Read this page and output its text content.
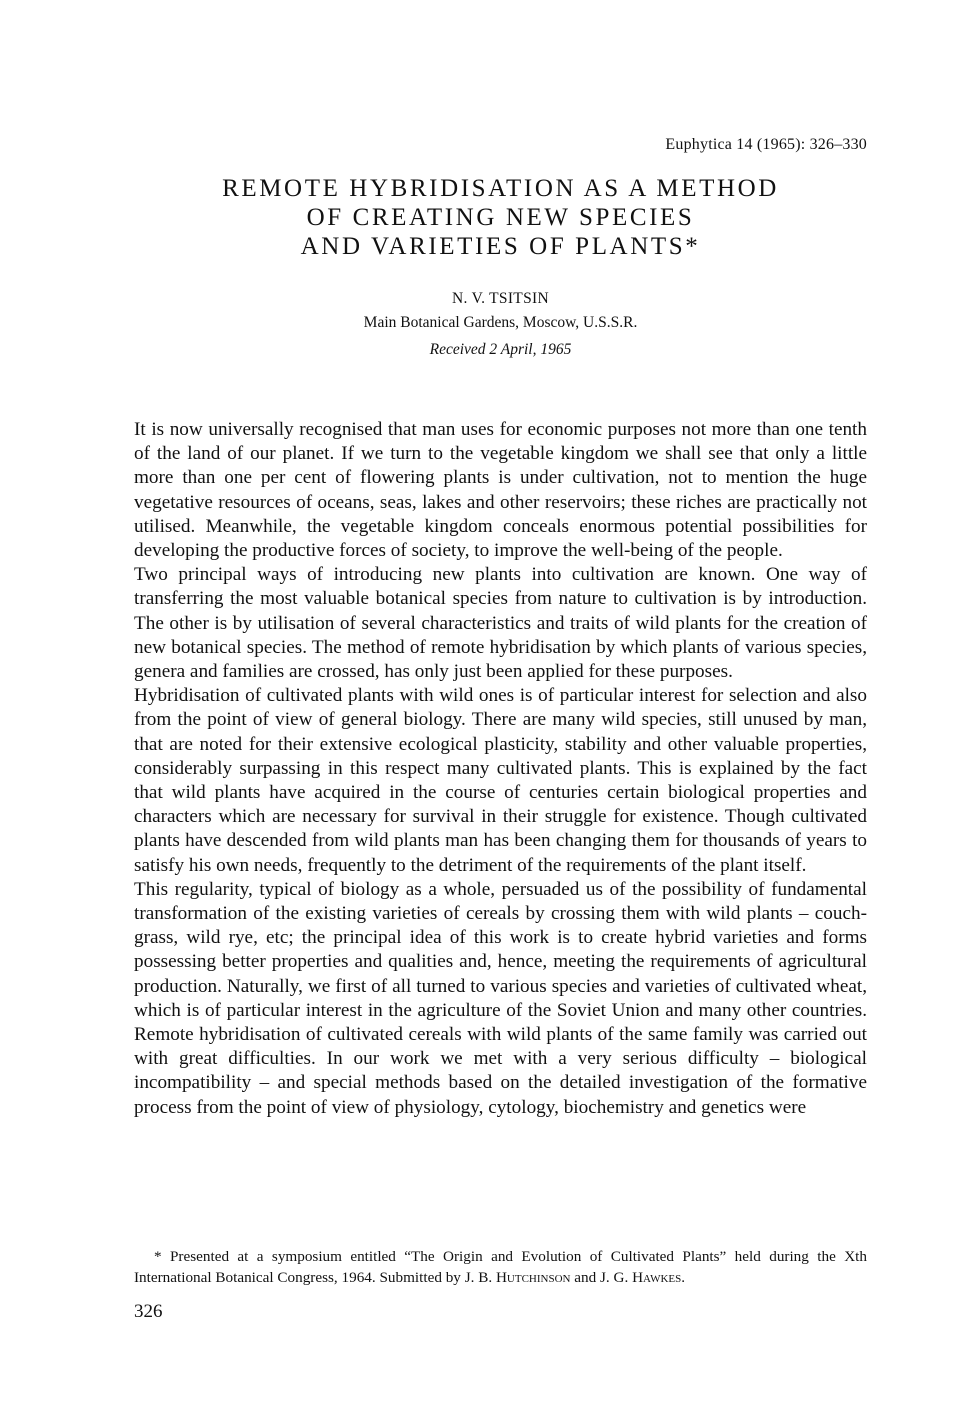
Euphytica 14 (1965): 326–330
REMOTE HYBRIDISATION AS A METHOD
OF CREATING NEW SPECIES
AND VARIETIES OF PLANTS*
N. V. TSITSIN
Main Botanical Gardens, Moscow, U.S.S.R.
Received 2 April, 1965

It is now universally recognised that man uses for economic purposes not more than one tenth of the land of our planet. If we turn to the vegetable kingdom we shall see that only a little more than one per cent of flowering plants is under cultivation, not to mention the huge vegetative resources of oceans, seas, lakes and other reservoirs; these riches are practically not utilised. Meanwhile, the vegetable kingdom conceals enormous potential possibilities for developing the productive forces of society, to improve the well-being of the people.

Two principal ways of introducing new plants into cultivation are known. One way of transferring the most valuable botanical species from nature to cultivation is by introduction. The other is by utilisation of several characteristics and traits of wild plants for the creation of new botanical species. The method of remote hybridisation by which plants of various species, genera and families are crossed, has only just been applied for these purposes.

Hybridisation of cultivated plants with wild ones is of particular interest for selection and also from the point of view of general biology. There are many wild species, still unused by man, that are noted for their extensive ecological plasticity, stability and other valuable properties, considerably surpassing in this respect many cultivated plants. This is explained by the fact that wild plants have acquired in the course of centuries certain biological properties and characters which are necessary for survival in their struggle for existence. Though cultivated plants have descended from wild plants man has been changing them for thousands of years to satisfy his own needs, frequently to the detriment of the requirements of the plant itself.

This regularity, typical of biology as a whole, persuaded us of the possibility of fundamental transformation of the existing varieties of cereals by crossing them with wild plants – couch-grass, wild rye, etc; the principal idea of this work is to create hybrid varieties and forms possessing better properties and qualities and, hence, meeting the requirements of agricultural production. Naturally, we first of all turned to various species and varieties of cultivated wheat, which is of particular interest in the agriculture of the Soviet Union and many other countries. Remote hybridisation of cultivated cereals with wild plants of the same family was carried out with great difficulties. In our work we met with a very serious difficulty – biological incompatibility – and special methods based on the detailed investigation of the formative process from the point of view of physiology, cytology, biochemistry and genetics were

* Presented at a symposium entitled “The Origin and Evolution of Cultivated Plants” held during the Xth International Botanical Congress, 1964. Submitted by J. B. Hutchinson and J. G. Hawkes.
326
